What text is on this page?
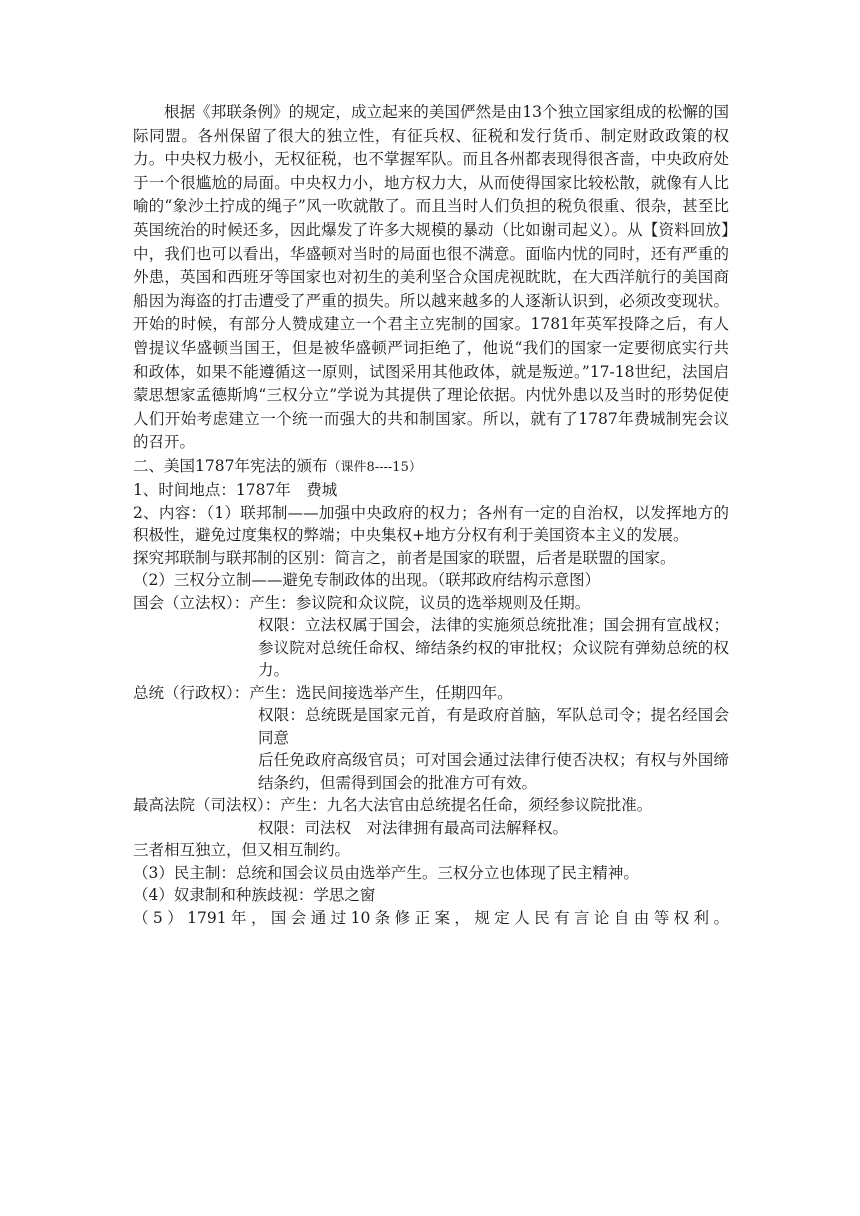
根据《邦联条例》的规定，成立起来的美国俨然是由13个独立国家组成的松懈的国际同盟。各州保留了很大的独立性，有征兵权、征税和发行货币、制定财政政策的权力。中央权力极小，无权征税，也不掌握军队。而且各州都表现得很吝啬，中央政府处于一个很尴尬的局面。中央权力小，地方权力大，从而使得国家比较松散，就像有人比喻的“象沙土拧成的绳子”风一吹就散了。而且当时人们负担的税负很重、很杂，甚至比英国统治的时候还多，因此爆发了许多大规模的暴动（比如谢司起义）。从【资料回放】中，我们也可以看出，华盛顿对当时的局面也很不满意。面临内忧的同时，还有严重的外患，英国和西班牙等国家也对初生的美利坚合众国虎视眈眈，在大西洋航行的美国商船因为海盗的打击遭受了严重的损失。所以越来越多的人逐渐认识到，必须改变现状。开始的时候，有部分人赞成建立一个君主立宪制的国家。1781年英军投降之后，有人曾提议华盛顿当国王，但是被华盛顿严词拒绝了，他说“我们的国家一定要彻底实行共和政体，如果不能遵循这一原则，试图采用其他政体，就是叛逆。”17-18世纪，法国启蒙思想家孟德斯鸠“三权分立”学说为其提供了理论依据。内忧外患以及当时的形势促使人们开始考虑建立一个统一而强大的共和制国家。所以，就有了1787年费城制宪会议的召开。

二、美国1787年宪法的颁布（课件8----15）

1、时间地点：1787年　费城

2、内容：（1）联邦制——加强中央政府的权力；各州有一定的自治权，以发挥地方的积极性，避免过度集权的弊端；中央集权+地方分权有利于美国资本主义的发展。

探究邦联制与联邦制的区别：简言之，前者是国家的联盟，后者是联盟的国家。

（2）三权分立制——避免专制政体的出现。（联邦政府结构示意图）

国会（立法权）： 产生：参议院和众议院，议员的选举规则及任期。
权限：立法权属于国会，法律的实施须总统批准；国会拥有宣战权；参议院对总统任命权、缔结条约权的审批权；众议院有弹劾总统的权力。
总统（行政权）： 产生：选民间接选举产生，任期四年。
权限：总统既是国家元首，有是政府首脑，军队总司令；提名经国会同意
后任免政府高级官员；可对国会通过法律行使否决权；有权与外国缔结条约，但需得到国会的批准方可有效。
最高法院（司法权）： 产生：九名大法官由总统提名任命，须经参议院批准。
权限：司法权　对法律拥有最高司法解释权。

三者相互独立，但又相互制约。

（3）民主制：总统和国会议员由选举产生。三权分立也体现了民主精神。

（4）奴隶制和种族歧视：学思之窗

（5）1791年，国会通过10条修正案，规定人民有言论自由等权利。
